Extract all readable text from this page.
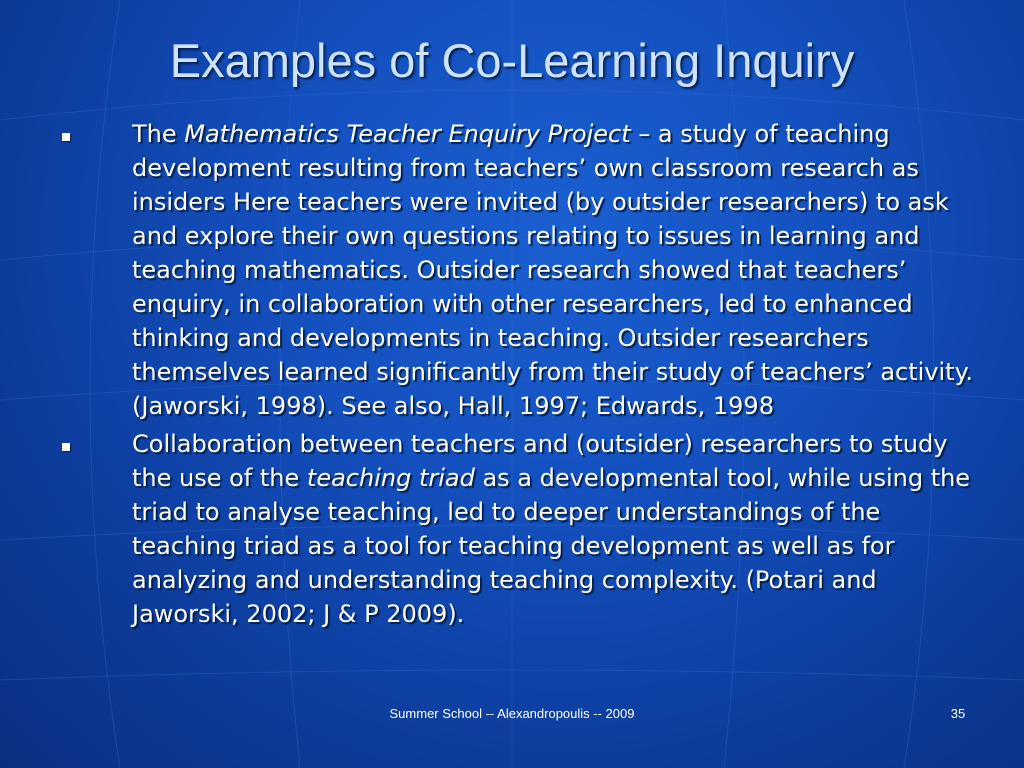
Examples of Co-Learning Inquiry
The Mathematics Teacher Enquiry Project – a study of teaching development resulting from teachers’ own classroom research as insiders Here teachers were invited (by outsider researchers) to ask and explore their own questions relating to issues in learning and teaching mathematics. Outsider research showed that teachers’ enquiry, in collaboration with other researchers, led to enhanced thinking and developments in teaching. Outsider researchers themselves learned significantly from their study of teachers’ activity. (Jaworski, 1998). See also, Hall, 1997; Edwards, 1998
Collaboration between teachers and (outsider) researchers to study the use of the teaching triad as a developmental tool, while using the triad to analyse teaching, led to deeper understandings of the teaching triad as a tool for teaching development as well as for analyzing and understanding teaching complexity. (Potari and Jaworski, 2002; J & P 2009).
Summer School -- Alexandropoulis -- 2009	35
